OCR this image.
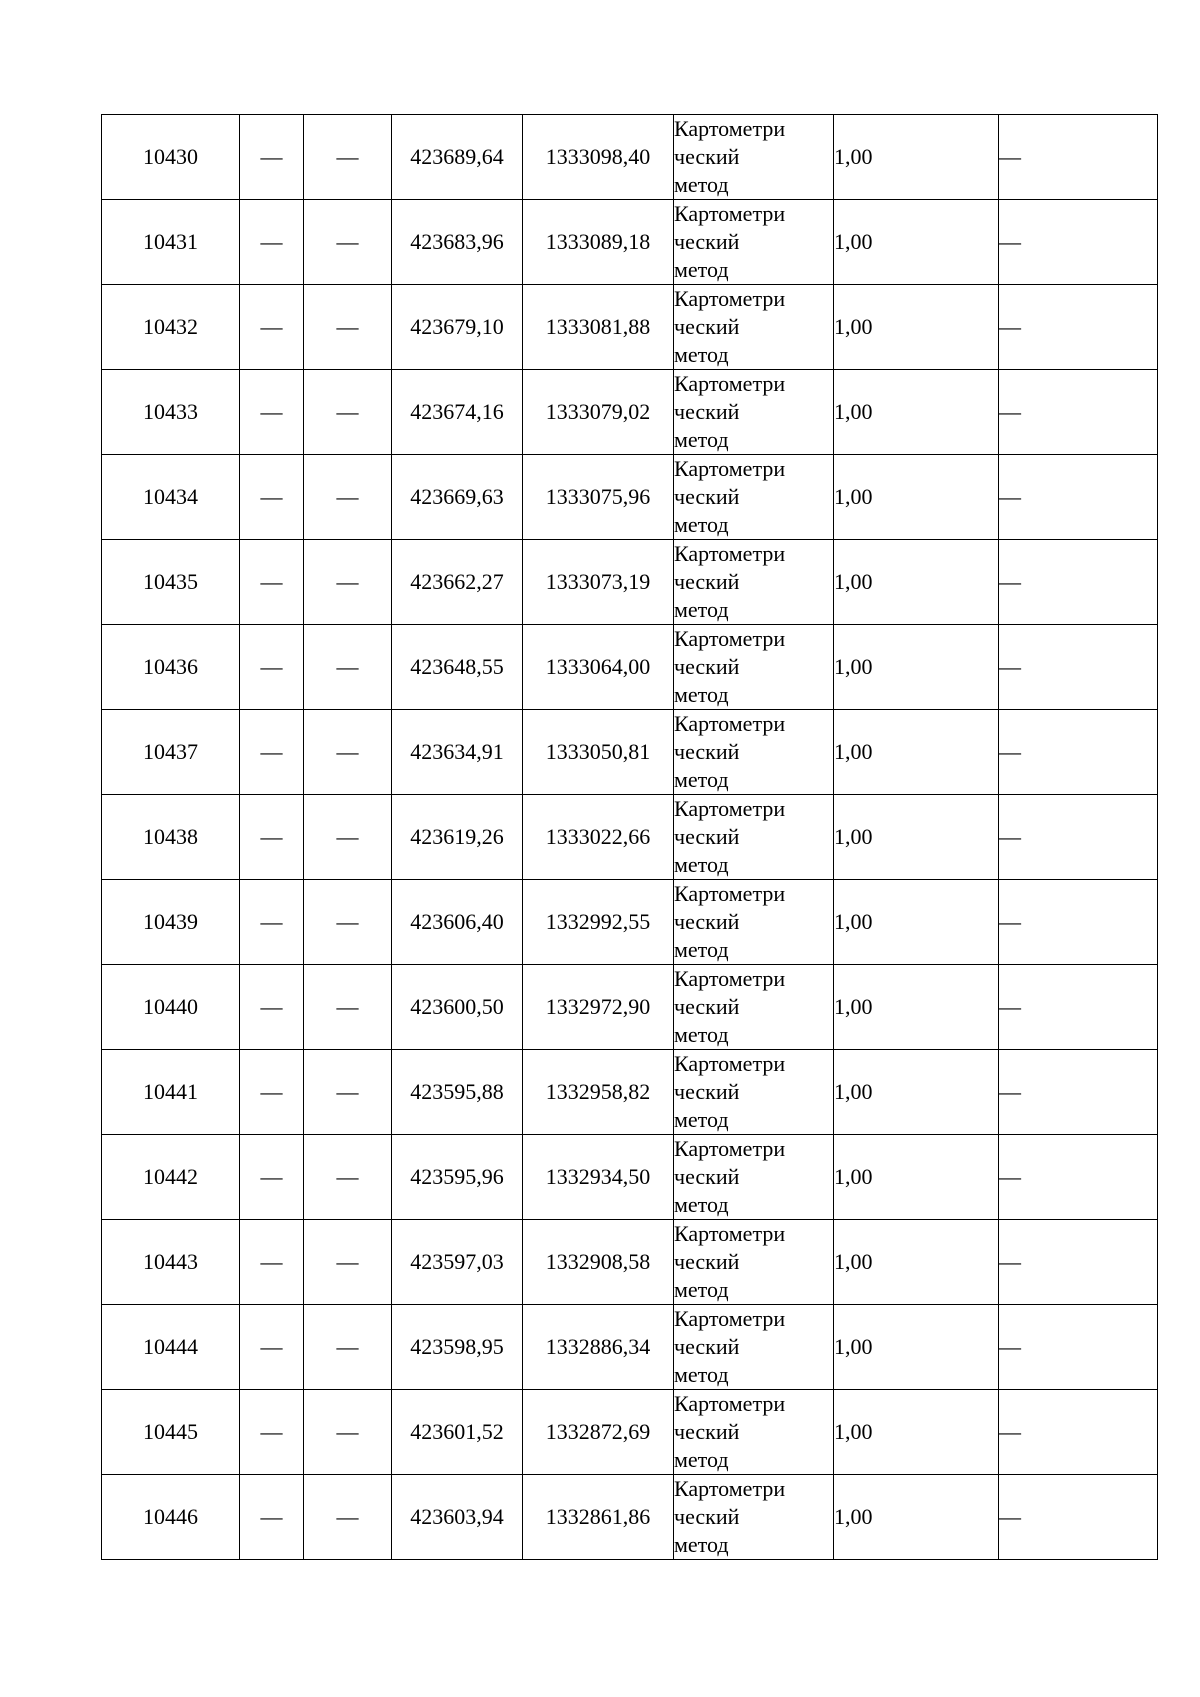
10430	—	—	423689,64	1333098,40	Картометри
ческий
метод	1,00	—
10431	—	—	423683,96	1333089,18	Картометри
ческий
метод	1,00	—
10432	—	—	423679,10	1333081,88	Картометри
ческий
метод	1,00	—
10433	—	—	423674,16	1333079,02	Картометри
ческий
метод	1,00	—
10434	—	—	423669,63	1333075,96	Картометри
ческий
метод	1,00	—
10435	—	—	423662,27	1333073,19	Картометри
ческий
метод	1,00	—
10436	—	—	423648,55	1333064,00	Картометри
ческий
метод	1,00	—
10437	—	—	423634,91	1333050,81	Картометри
ческий
метод	1,00	—
10438	—	—	423619,26	1333022,66	Картометри
ческий
метод	1,00	—
10439	—	—	423606,40	1332992,55	Картометри
ческий
метод	1,00	—
10440	—	—	423600,50	1332972,90	Картометри
ческий
метод	1,00	—
10441	—	—	423595,88	1332958,82	Картометри
ческий
метод	1,00	—
10442	—	—	423595,96	1332934,50	Картометри
ческий
метод	1,00	—
10443	—	—	423597,03	1332908,58	Картометри
ческий
метод	1,00	—
10444	—	—	423598,95	1332886,34	Картометри
ческий
метод	1,00	—
10445	—	—	423601,52	1332872,69	Картометри
ческий
метод	1,00	—
10446	—	—	423603,94	1332861,86	Картометри
ческий
метод	1,00	—
